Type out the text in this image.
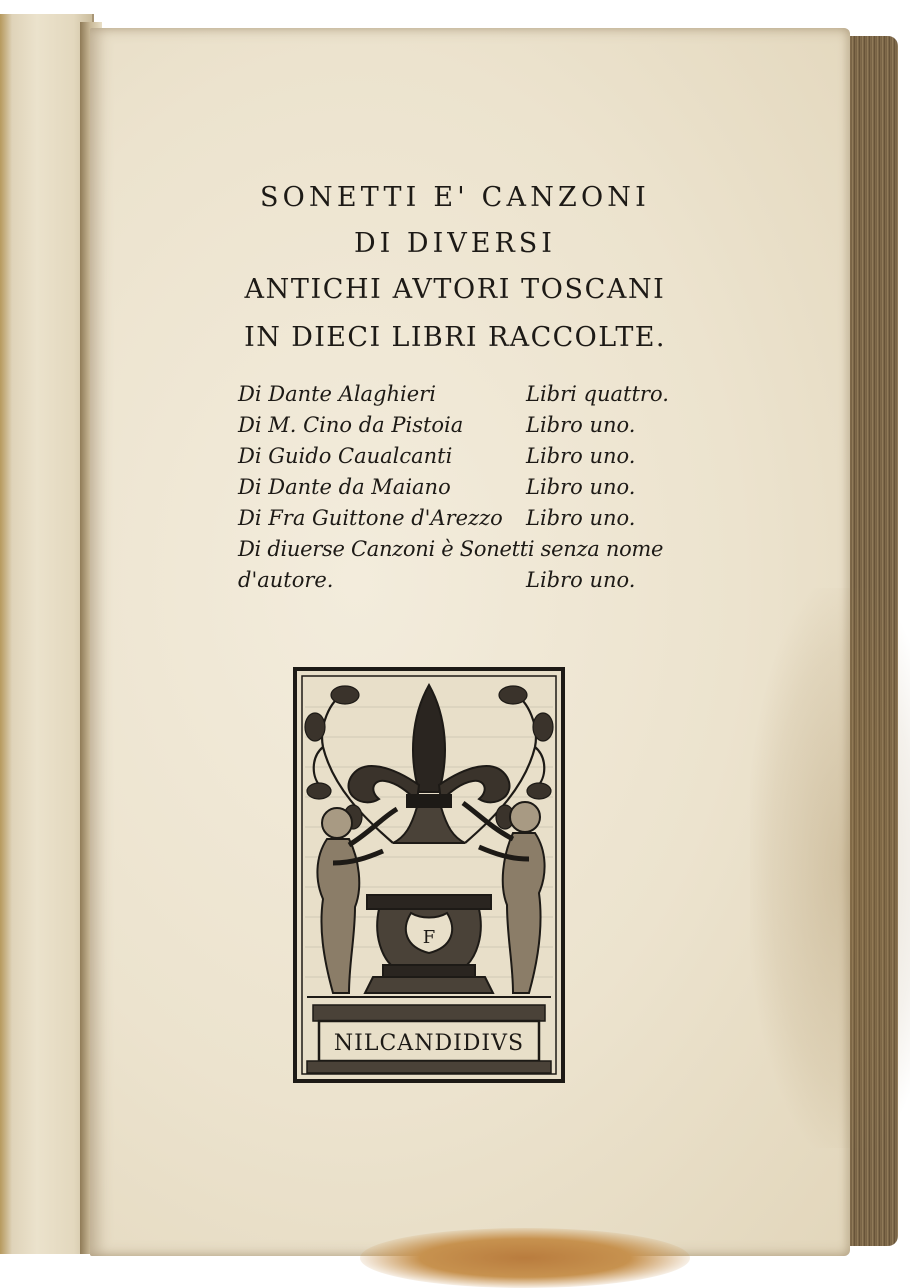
SONETTI E' CANZONI
DI DIVERSI
ANTICHI AVTORI TOSCANI
IN DIECI LIBRI RACCOLTE.
Di Dante Alaghieri	Libri quattro.
Di M. Cino da Pistoia	Libro uno.
Di Guido Caualcanti	Libro uno.
Di Dante da Maiano	Libro uno.
Di Fra Guittone d'Arezzo Libro uno.
Di diuerse Canzoni è Sonetti senza nome
d'autore.	Libro uno.
F
NILCANDIDIVS
